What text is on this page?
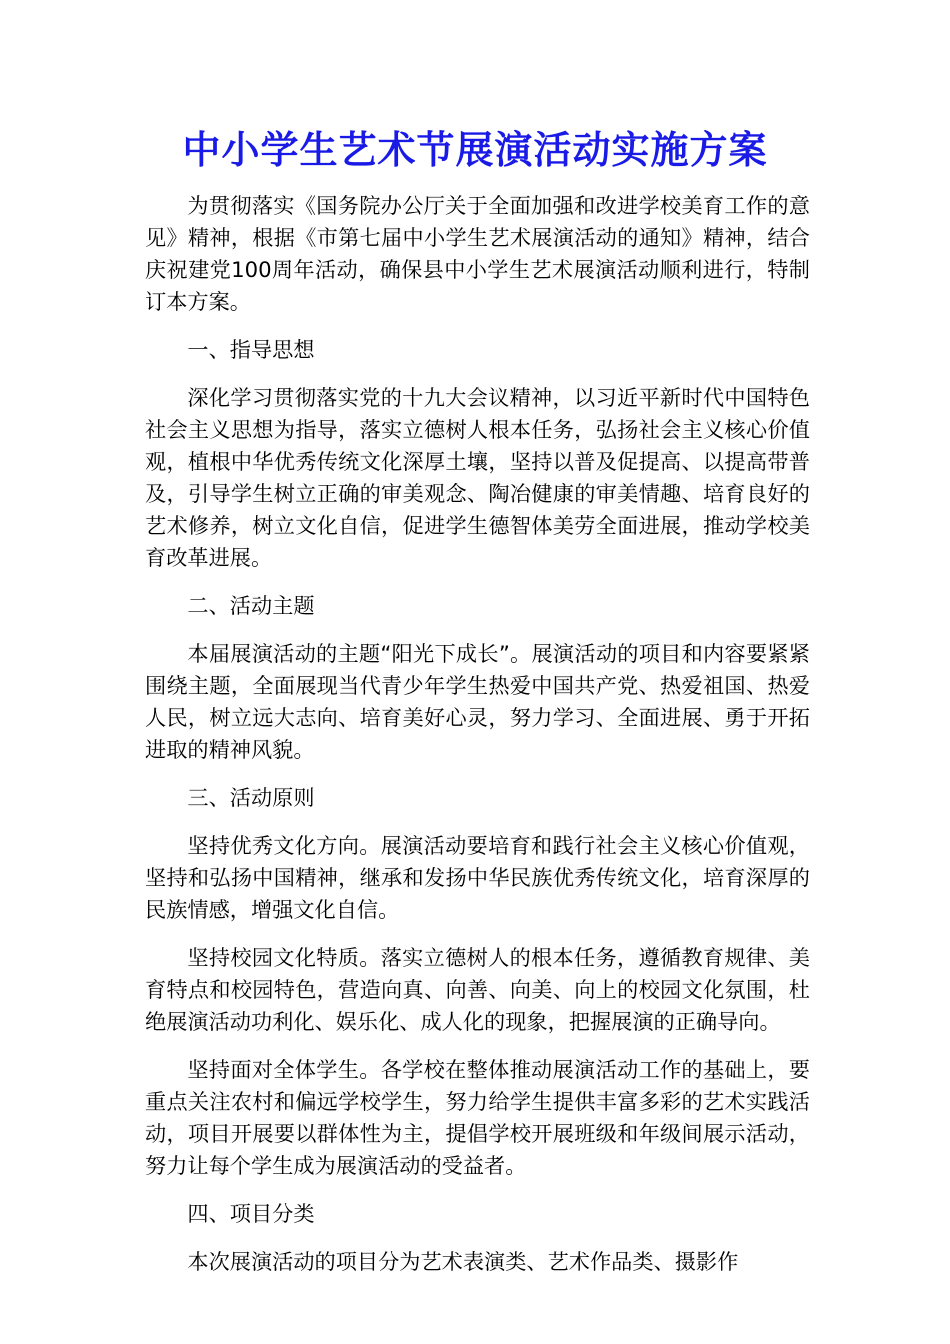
中小学生艺术节展演活动实施方案

为贯彻落实《国务院办公厅关于全面加强和改进学校美育工作的意见》精神，根据《市第七届中小学生艺术展演活动的通知》精神，结合庆祝建党100周年活动，确保县中小学生艺术展演活动顺利进行，特制订本方案。

一、指导思想

深化学习贯彻落实党的十九大会议精神，以习近平新时代中国特色社会主义思想为指导，落实立德树人根本任务，弘扬社会主义核心价值观，植根中华优秀传统文化深厚土壤，坚持以普及促提高、以提高带普及，引导学生树立正确的审美观念、陶冶健康的审美情趣、培育良好的艺术修养，树立文化自信，促进学生德智体美劳全面进展，推动学校美育改革进展。

二、活动主题

本届展演活动的主题“阳光下成长”。展演活动的项目和内容要紧紧围绕主题，全面展现当代青少年学生热爱中国共产党、热爱祖国、热爱人民，树立远大志向、培育美好心灵，努力学习、全面进展、勇于开拓进取的精神风貌。

三、活动原则

坚持优秀文化方向。展演活动要培育和践行社会主义核心价值观，坚持和弘扬中国精神，继承和发扬中华民族优秀传统文化，培育深厚的民族情感，增强文化自信。

坚持校园文化特质。落实立德树人的根本任务，遵循教育规律、美育特点和校园特色，营造向真、向善、向美、向上的校园文化氛围，杜绝展演活动功利化、娱乐化、成人化的现象，把握展演的正确导向。

坚持面对全体学生。各学校在整体推动展演活动工作的基础上，要重点关注农村和偏远学校学生，努力给学生提供丰富多彩的艺术实践活动，项目开展要以群体性为主，提倡学校开展班级和年级间展示活动，努力让每个学生成为展演活动的受益者。

四、项目分类

本次展演活动的项目分为艺术表演类、艺术作品类、摄影作
